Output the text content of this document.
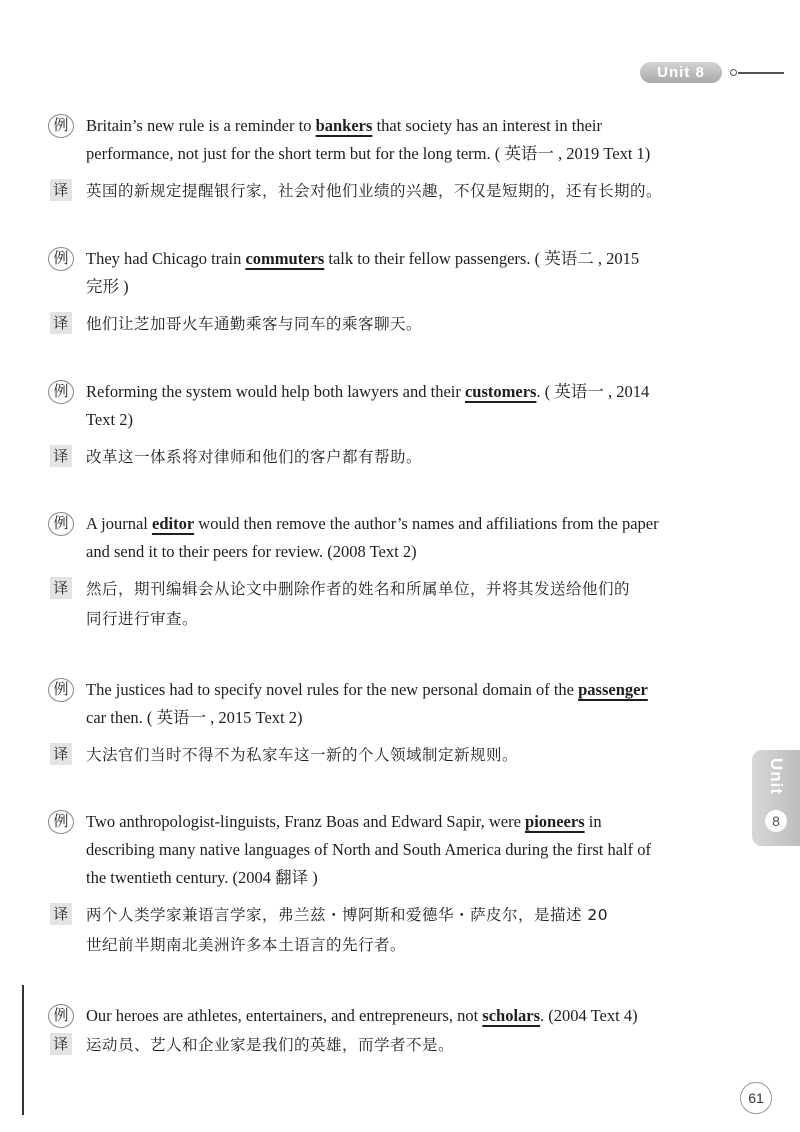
Unit 8
例	Britain’s new rule is a reminder to bankers that society has an interest in their
performance, not just for the short term but for the long term. ( 英语一 , 2019 Text 1)
译 英国的新规定提醒银行家，社会对他们业绩的兴趣，不仅是短期的，还有长期的。
例	They had Chicago train commuters talk to their fellow passengers. ( 英语二 , 2015
完形 )
译 他们让芝加哥火车通勤乘客与同车的乘客聊天。
例	Reforming the system would help both lawyers and their customers. ( 英语一 , 2014
Text 2)
译 改革这一体系将对律师和他们的客户都有帮助。
例	A journal editor would then remove the author’s names and affiliations from the paper
and send it to their peers for review. (2008 Text 2)
译 然后，期刊编辑会从论文中删除作者的姓名和所属单位，并将其发送给他们的
同行进行审查。
例	The justices had to specify novel rules for the new personal domain of the passenger
car then. ( 英语一 , 2015 Text 2)
译 大法官们当时不得不为私家车这一新的个人领域制定新规则。
例	Two anthropologist-linguists, Franz Boas and Edward Sapir, were pioneers in
describing many native languages of North and South America during the first half of
the twentieth century. (2004 翻译 )
译 两个人类学家兼语言学家，弗兰兹・博阿斯和爱德华・萨皮尔，是描述 20
世纪前半期南北美洲许多本土语言的先行者。
例	Our heroes are athletes, entertainers, and entrepreneurs, not scholars. (2004 Text 4)
译 运动员、艺人和企业家是我们的英雄，而学者不是。
Unit
8
61
